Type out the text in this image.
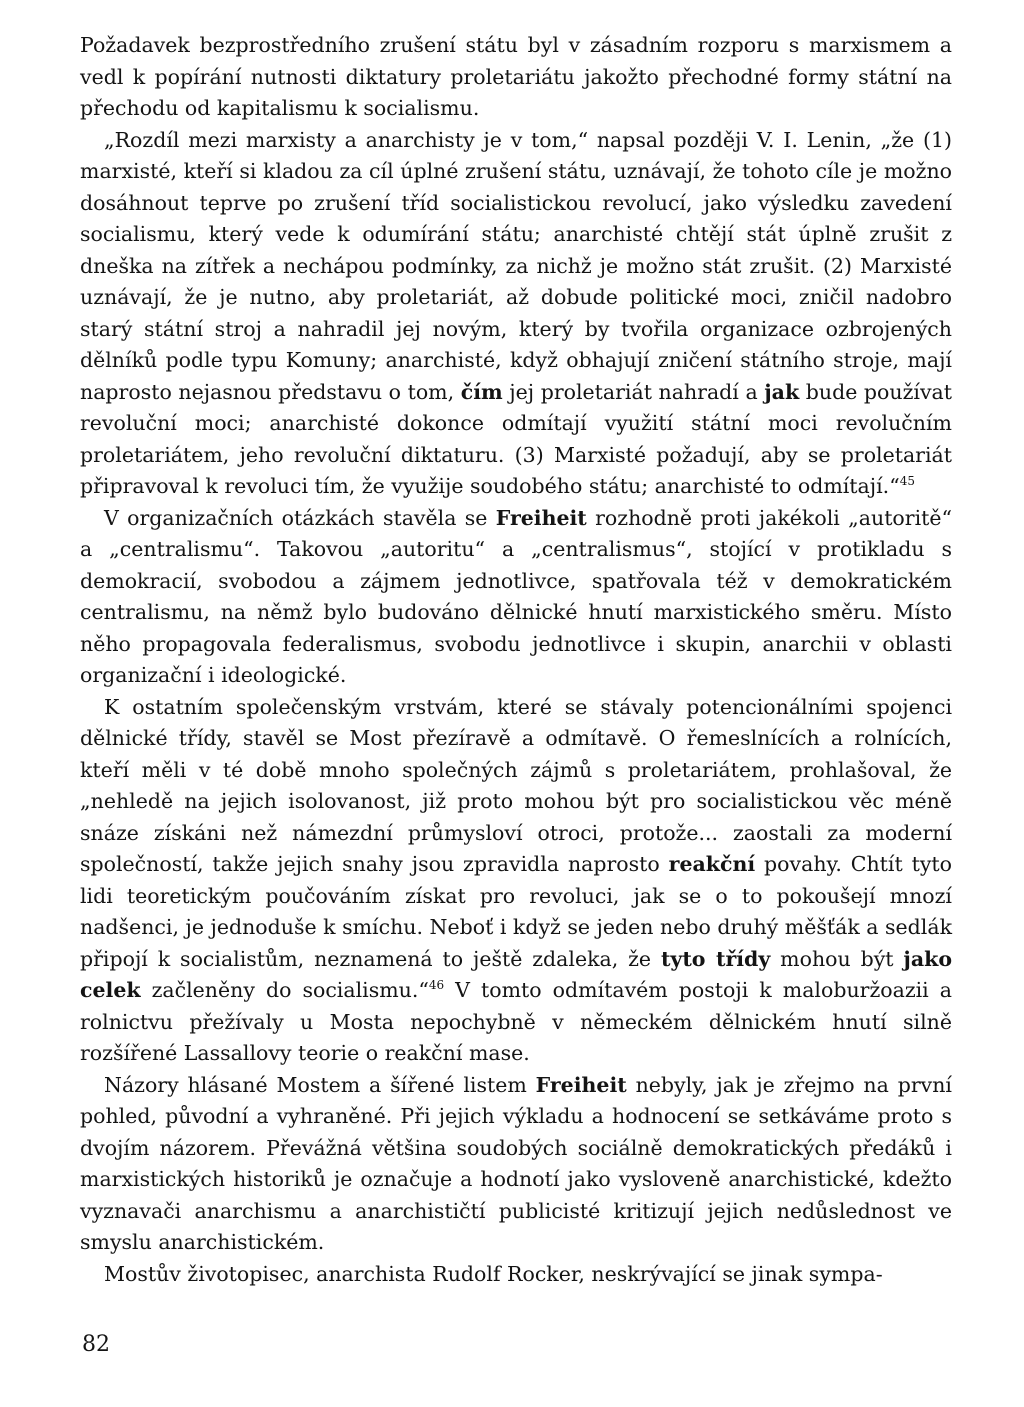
Požadavek bezprostředního zrušení státu byl v zásadním rozporu s marxismem a vedl k popírání nutnosti diktatury proletariátu jakožto přechodné formy státní na přechodu od kapitalismu k socialismu.

„Rozdíl mezi marxisty a anarchisty je v tom,“ napsal později V. I. Lenin, „že (1) marxisté, kteří si kladou za cíl úplné zrušení státu, uznávají, že tohoto cíle je možno dosáhnout teprve po zrušení tříd socialistickou revolucí, jako výsledku zavedení socialismu, který vede k odumírání státu; anarchisté chtějí stát úplně zrušit z dneška na zítřek a nechápou podmínky, za nichž je možno stát zrušit. (2) Marxisté uznávají, že je nutno, aby proletariát, až dobude politické moci, zničil nadobro starý státní stroj a nahradil jej novým, který by tvořila organizace ozbrojených dělníků podle typu Komuny; anarchisté, když obhajují zničení státního stroje, mají naprosto nejasnou představu o tom, čím jej proletariát nahradí a jak bude používat revoluční moci; anarchisté dokonce odmítají využití státní moci revolučním proletariátem, jeho revoluční diktaturu. (3) Marxisté požadují, aby se proletariát připravoval k revoluci tím, že využije soudobého státu; anarchisté to odmítají.“$^{45}$

V organizačních otázkách stavěla se Freiheit rozhodně proti jakékoli „autoritě“ a „centralismu“. Takovou „autoritu“ a „centralismus“, stojící v protikladu s demokracií, svobodou a zájmem jednotlivce, spatřovala též v demokratickém centralismu, na němž bylo budováno dělnické hnutí marxistického směru. Místo něho propagovala federalismus, svobodu jednotlivce i skupin, anarchii v oblasti organizační i ideologické.

K ostatním společenským vrstvám, které se stávaly potencionálními spojenci dělnické třídy, stavěl se Most přezíravě a odmítavě. O řemeslnících a rolnících, kteří měli v té době mnoho společných zájmů s proletariátem, prohlašoval, že „nehledě na jejich isolovanost, již proto mohou být pro socialistickou věc méně snáze získáni než námezdní průmysloví otroci, protože... zaostali za moderní společností, takže jejich snahy jsou zpravidla naprosto reakční povahy. Chtít tyto lidi teoretickým poučováním získat pro revoluci, jak se o to pokoušejí mnozí nadšenci, je jednoduše k smíchu. Neboť i když se jeden nebo druhý měšťák a sedlák připojí k socialistům, neznamená to ještě zdaleka, že tyto třídy mohou být jako celek začleněny do socialismu.“$^{46}$ V tomto odmítavém postoji k maloburžoazii a rolnictvu přežívaly u Mosta nepochybně v německém dělnickém hnutí silně rozšířené Lassallovy teorie o reakční mase.

Názory hlásané Mostem a šířené listem Freiheit nebyly, jak je zřejmo na první pohled, původní a vyhraněné. Při jejich výkladu a hodnocení se setkáváme proto s dvojím názorem. Převážná většina soudobých sociálně demokratických předáků i marxistických historiků je označuje a hodnotí jako vysloveně anarchistické, kdežto vyznavači anarchismu a anarchističtí publicisté kritizují jejich nedůslednost ve smyslu anarchistickém.

Mostův životopisec, anarchista Rudolf Rocker, neskrývající se jinak sympa-

82
